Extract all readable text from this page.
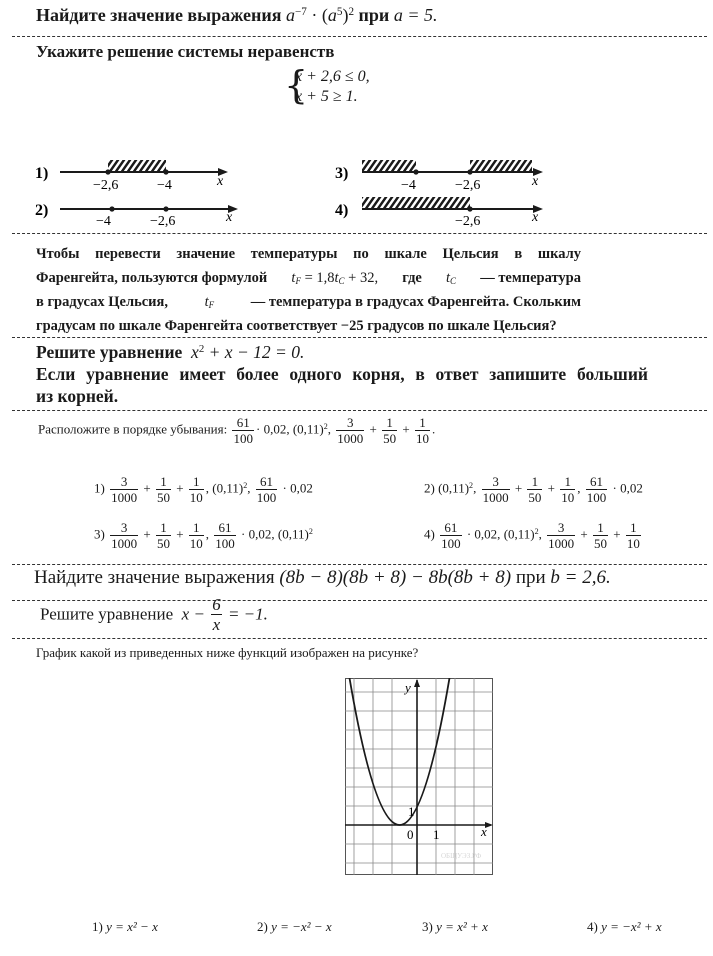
Найдите значение выражения $a^{-7} \cdot (a^5)^2$ при a = 5.
Укажите решение системы неравенств
{
x + 2,6 ≤ 0,
x + 5 ≥ 1.
1)
−2,6	−4	x
2)
−4	−2,6	x
3)
−4	−2,6	x
4)
−2,6	x
Чтобы перевести значение температуры по шкале Цельсия в шкалу
Фаренгейта, пользуются формулой $t_F = 1,8t_C + 32$, где $t_C$ — температура
в градусах Цельсия,	$t_F$	— температура в градусах Фаренгейта. Скольким
градусам по шкале Фаренгейта соответствует −25 градусов по шкале Цельсия?
Решите уравнение $x^2 + x - 12 = 0$.
Если уравнение имеет более одного корня, в ответ запишите больший
из корней.
Расположите в порядке убывания: $\frac{61}{100} \cdot 0,02$, $(0,11)^2$, $\frac{3}{1000} + \frac{1}{50} + \frac{1}{10}$ .
$1) \frac{3}{1000} + \frac{1}{50} + \frac{1}{10}$ , $(0,11)^2$, $\frac{61}{100} \cdot 0,02$	2) $(0,11)^2$, $\frac{3}{1000} + \frac{1}{50} + \frac{1}{10}$ , $\frac{61}{100} \cdot 0,02$
$3) \frac{3}{1000} + \frac{1}{50} + \frac{1}{10}$ , $\frac{61}{100} \cdot 0,02$, $(0,11)^2$	$4) \frac{61}{100} \cdot 0,02$, $(0,11)^2$, $\frac{3}{1000} + \frac{1}{50} + \frac{1}{10}$
Найдите значение выражения (8b − 8)(8b + 8) − 8b(8b + 8) при b = 2,6.
Решите уравнение $x - \frac{6}{x} = -1$.
График какой из приведенных ниже функций изображен на рисунке?
y
x
0 1
1
ОБЩУЭЗ.РФ
1) y = x² − x	2) y = −x² − x	3) y = x² + x	4) y = −x² + x
